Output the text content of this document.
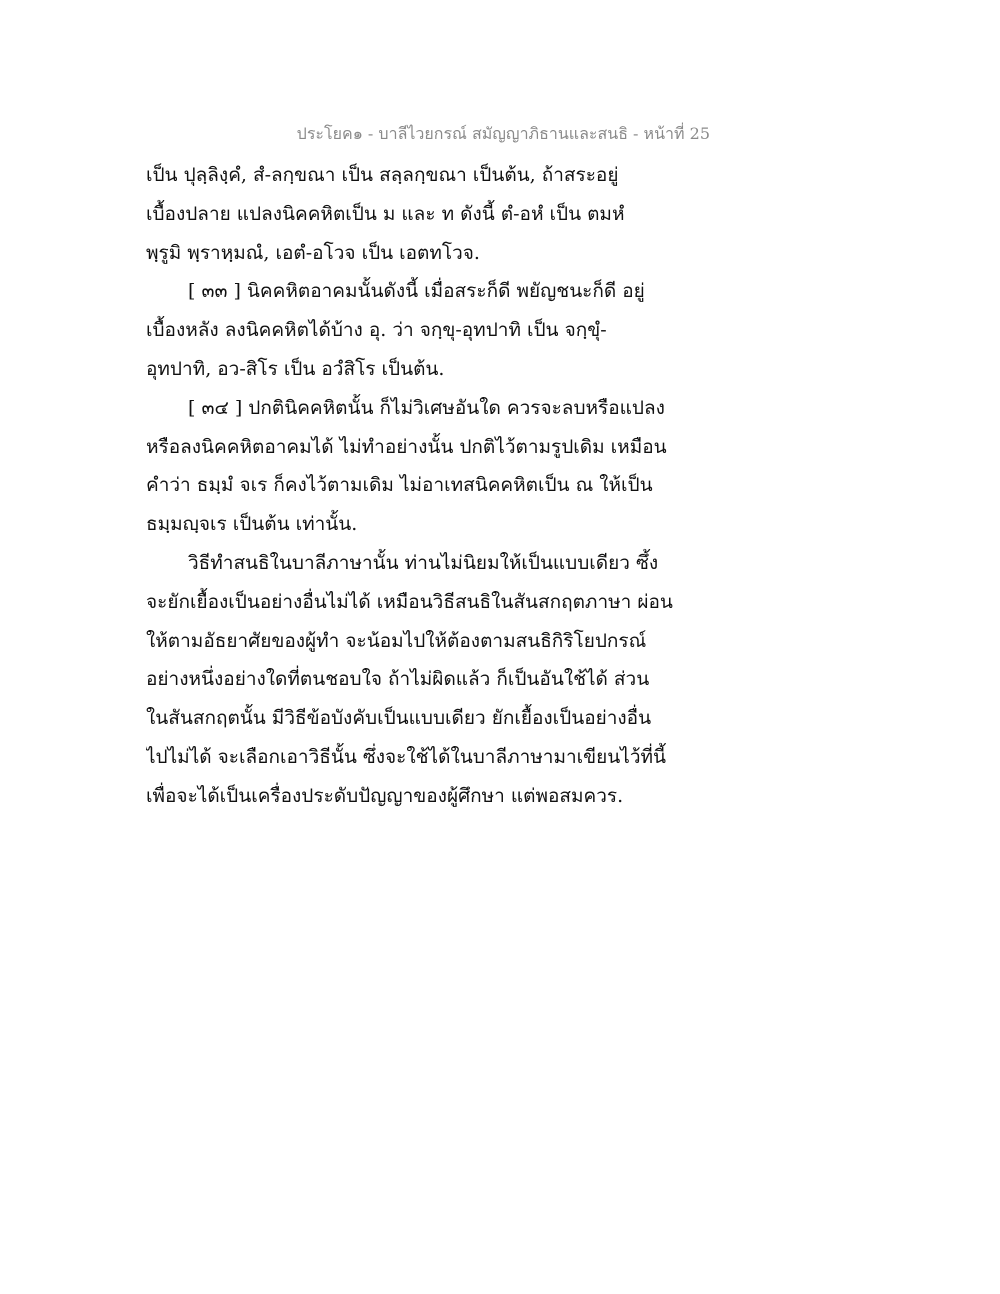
ประโยค๑ - บาลีไวยกรณ์ สมัญญาภิธานและสนธิ - หน้าที่ 25
เป็น ปุลฺลิงฺคํ, สํ-ลกฺขณา เป็น สลฺลกฺขณา เป็นต้น, ถ้าสระอยู่
เบื้องปลาย แปลงนิคคหิตเป็น ม และ ท ดังนี้ ตํ-อหํ เป็น ตมหํ
พฺรูมิ พฺราหฺมณํ, เอตํ-อโวจ เป็น เอตทโวจ.
[ ๓๓ ] นิคคหิตอาคมนั้นดังนี้ เมื่อสระก็ดี พยัญชนะก็ดี อยู่
เบื้องหลัง ลงนิคคหิตได้บ้าง อุ. ว่า จกฺขุ-อุทปาทิ เป็น จกฺขุํ-
อุทปาทิ, อว-สิโร เป็น อวํสิโร เป็นต้น.
[ ๓๔ ] ปกตินิคคหิตนั้น ก็ไม่วิเศษอันใด ควรจะลบหรือแปลง
หรือลงนิคคหิตอาคมได้ ไม่ทำอย่างนั้น ปกติไว้ตามรูปเดิม เหมือน
คำว่า ธมฺมํ จเร ก็คงไว้ตามเดิม ไม่อาเทสนิคคหิตเป็น ณ ให้เป็น
ธมฺมญฺจเร เป็นต้น เท่านั้น.
วิธีทำสนธิในบาลีภาษานั้น ท่านไม่นิยมให้เป็นแบบเดียว ซึ้ง
จะยักเยื้องเป็นอย่างอื่นไม่ได้ เหมือนวิธีสนธิในสันสกฤตภาษา ผ่อน
ให้ตามอัธยาศัยของผู้ทำ จะน้อมไปให้ต้องตามสนธิกิริโยปกรณ์
อย่างหนึ่งอย่างใดที่ตนชอบใจ ถ้าไม่ผิดแล้ว ก็เป็นอันใช้ได้ ส่วน
ในสันสกฤตนั้น มีวิธีข้อบังคับเป็นแบบเดียว ยักเยื้องเป็นอย่างอื่น
ไปไม่ได้ จะเลือกเอาวิธีนั้น ซึ่งจะใช้ได้ในบาลีภาษามาเขียนไว้ที่นี้
เพื่อจะได้เป็นเครื่องประดับปัญญาของผู้ศึกษา แต่พอสมควร.
